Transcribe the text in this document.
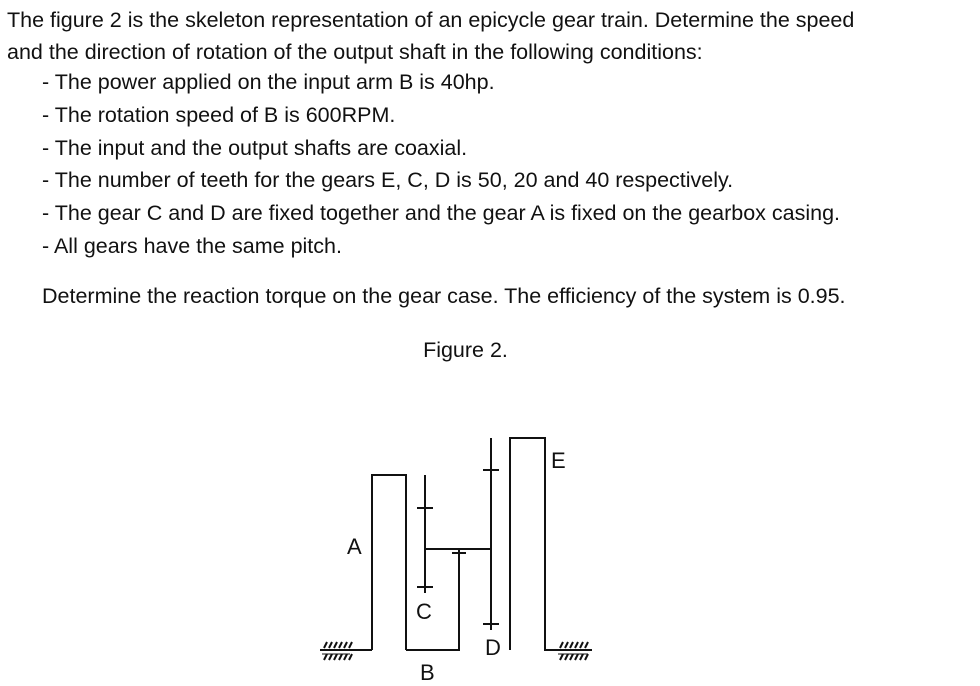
The figure 2 is the skeleton representation of an epicycle gear train. Determine the speed

and the direction of rotation of the output shaft in the following conditions:

- The power applied on the input arm B is 40hp.
- The rotation speed of B is 600RPM.
- The input and the output shafts are coaxial.
- The number of teeth for the gears E, C, D is 50, 20 and 40 respectively.
- The gear C and D are fixed together and the gear A is fixed on the gearbox casing.
- All gears have the same pitch.

Determine the reaction torque on the gear case. The efficiency of the system is 0.95.

Figure 2.

A
C
D
B
E
